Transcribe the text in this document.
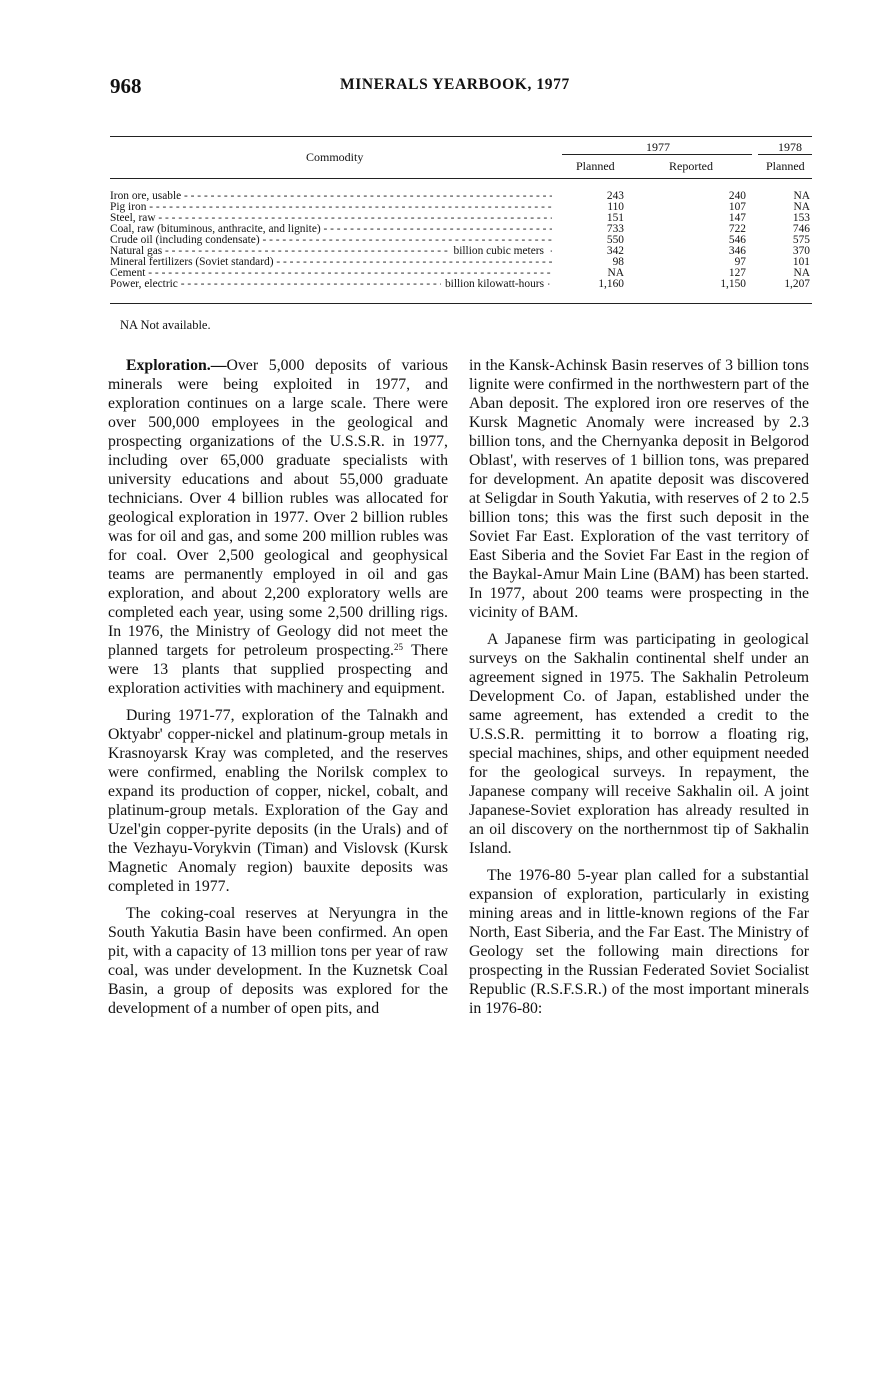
968	MINERALS YEARBOOK, 1977
Commodity
1977	1978
Planned	Reported	Planned
Iron ore, usable - - -	243	240	NA
Pig iron - - -	110	107	NA
Steel, raw - - -	151	147	153
Coal, raw (bituminous, anthracite, and lignite) - - -	733	722	746
Crude oil (including condensate) - - -	550	546	575
Natural gas - - -	billion cubic meters	342	346	370
Mineral fertilizers (Soviet standard) - - -	98	97	101
Cement - - -	NA	127	NA
Power, electric - - -	billion kilowatt-hours	1,160	1,150	1,207
NA Not available.

Exploration.—Over 5,000 deposits of various minerals were being exploited in 1977, and exploration continues on a large scale. There were over 500,000 employees in the geological and prospecting organizations of the U.S.S.R. in 1977, including over 65,000 graduate specialists with university educations and about 55,000 graduate technicians. Over 4 billion rubles was allocated for geological exploration in 1977. Over 2 billion rubles was for oil and gas, and some 200 million rubles was for coal. Over 2,500 geological and geophysical teams are permanently employed in oil and gas exploration, and about 2,200 exploratory wells are completed each year, using some 2,500 drilling rigs. In 1976, the Ministry of Geology did not meet the planned targets for petroleum prospecting.$^{25}$ There were 13 plants that supplied prospecting and exploration activities with machinery and equipment.

During 1971-77, exploration of the Talnakh and Oktyabr' copper-nickel and platinum-group metals in Krasnoyarsk Kray was completed, and the reserves were confirmed, enabling the Norilsk complex to expand its production of copper, nickel, cobalt, and platinum-group metals. Exploration of the Gay and Uzel'gin copper-pyrite deposits (in the Urals) and of the Vezhayu-Vorykvin (Timan) and Vislovsk (Kursk Magnetic Anomaly region) bauxite deposits was completed in 1977.

The coking-coal reserves at Neryungra in the South Yakutia Basin have been confirmed. An open pit, with a capacity of 13 million tons per year of raw coal, was under development. In the Kuznetsk Coal Basin, a group of deposits was explored for the development of a number of open pits, and

in the Kansk-Achinsk Basin reserves of 3 billion tons lignite were confirmed in the northwestern part of the Aban deposit. The explored iron ore reserves of the Kursk Magnetic Anomaly were increased by 2.3 billion tons, and the Chernyanka deposit in Belgorod Oblast', with reserves of 1 billion tons, was prepared for development. An apatite deposit was discovered at Seligdar in South Yakutia, with reserves of 2 to 2.5 billion tons; this was the first such deposit in the Soviet Far East. Exploration of the vast territory of East Siberia and the Soviet Far East in the region of the Baykal-Amur Main Line (BAM) has been started. In 1977, about 200 teams were prospecting in the vicinity of BAM.

A Japanese firm was participating in geological surveys on the Sakhalin continental shelf under an agreement signed in 1975. The Sakhalin Petroleum Development Co. of Japan, established under the same agreement, has extended a credit to the U.S.S.R. permitting it to borrow a floating rig, special machines, ships, and other equipment needed for the geological surveys. In repayment, the Japanese company will receive Sakhalin oil. A joint Japanese-Soviet exploration has already resulted in an oil discovery on the northernmost tip of Sakhalin Island.

The 1976-80 5-year plan called for a substantial expansion of exploration, particularly in existing mining areas and in little-known regions of the Far North, East Siberia, and the Far East. The Ministry of Geology set the following main directions for prospecting in the Russian Federated Soviet Socialist Republic (R.S.F.S.R.) of the most important minerals in 1976-80:
